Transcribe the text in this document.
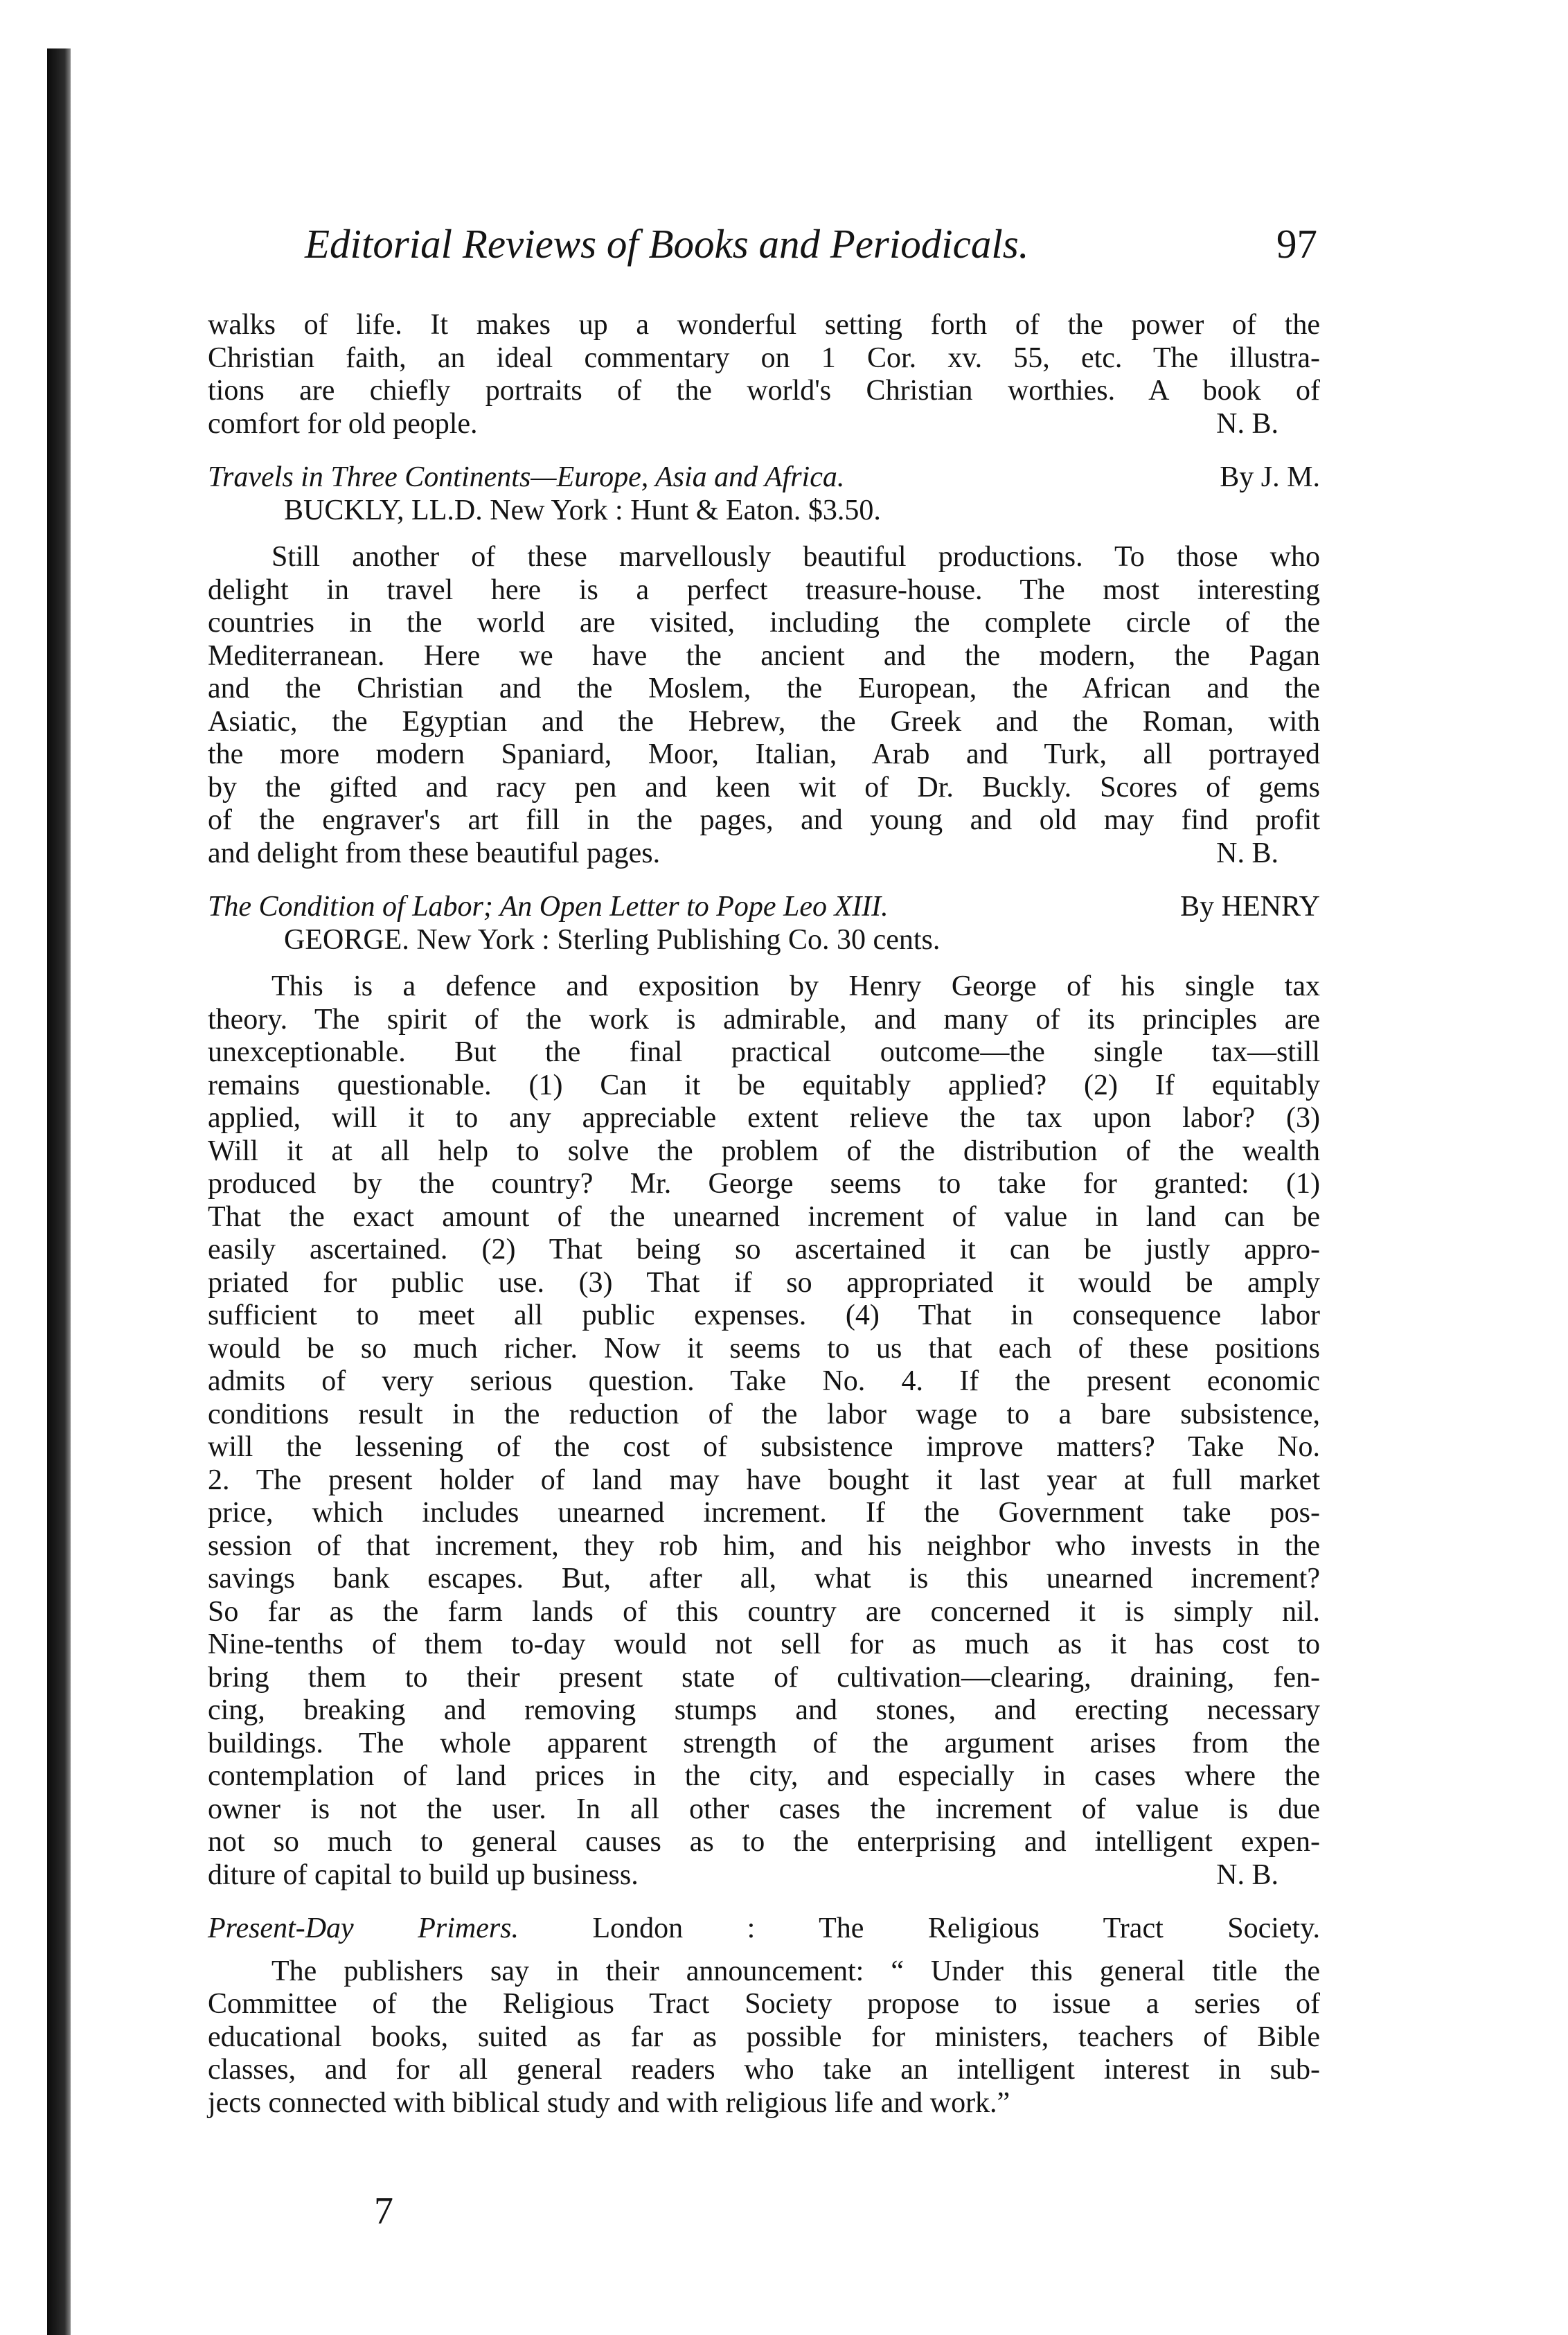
Editorial Reviews of Books and Periodicals.	97
walks of life. It makes up a wonderful setting forth of the power of the
Christian faith, an ideal commentary on 1 Cor. xv. 55, etc. The illustra-
tions are chiefly portraits of the world's Christian worthies. A book of
comfort for old people.	N. B.
Travels in Three Continents—Europe, Asia and Africa.	By J. M.
BUCKLY, LL.D. New York : Hunt & Eaton. $3.50.
Still another of these marvellously beautiful productions. To those who
delight in travel here is a perfect treasure-house. The most interesting
countries in the world are visited, including the complete circle of the
Mediterranean. Here we have the ancient and the modern, the Pagan
and the Christian and the Moslem, the European, the African and the
Asiatic, the Egyptian and the Hebrew, the Greek and the Roman, with
the more modern Spaniard, Moor, Italian, Arab and Turk, all portrayed
by the gifted and racy pen and keen wit of Dr. Buckly. Scores of gems
of the engraver's art fill in the pages, and young and old may find profit
and delight from these beautiful pages.	N. B.
The Condition of Labor; An Open Letter to Pope Leo XIII.	By HENRY
GEORGE. New York : Sterling Publishing Co. 30 cents.
This is a defence and exposition by Henry George of his single tax
theory. The spirit of the work is admirable, and many of its principles are
unexceptionable. But the final practical outcome—the single tax—still
remains questionable. (1) Can it be equitably applied? (2) If equitably
applied, will it to any appreciable extent relieve the tax upon labor? (3)
Will it at all help to solve the problem of the distribution of the wealth
produced by the country? Mr. George seems to take for granted: (1)
That the exact amount of the unearned increment of value in land can be
easily ascertained. (2) That being so ascertained it can be justly appro-
priated for public use. (3) That if so appropriated it would be amply
sufficient to meet all public expenses. (4) That in consequence labor
would be so much richer. Now it seems to us that each of these positions
admits of very serious question. Take No. 4. If the present economic
conditions result in the reduction of the labor wage to a bare subsistence,
will the lessening of the cost of subsistence improve matters? Take No.
2. The present holder of land may have bought it last year at full market
price, which includes unearned increment. If the Government take pos-
session of that increment, they rob him, and his neighbor who invests in the
savings bank escapes. But, after all, what is this unearned increment?
So far as the farm lands of this country are concerned it is simply nil.
Nine-tenths of them to-day would not sell for as much as it has cost to
bring them to their present state of cultivation—clearing, draining, fen-
cing, breaking and removing stumps and stones, and erecting necessary
buildings. The whole apparent strength of the argument arises from the
contemplation of land prices in the city, and especially in cases where the
owner is not the user. In all other cases the increment of value is due
not so much to general causes as to the enterprising and intelligent expen-
diture of capital to build up business.	N. B.
Present-Day Primers.	London : The Religious Tract Society.
The publishers say in their announcement: “ Under this general title the
Committee of the Religious Tract Society propose to issue a series of
educational books, suited as far as possible for ministers, teachers of Bible
classes, and for all general readers who take an intelligent interest in sub-
jects connected with biblical study and with religious life and work.”
7
